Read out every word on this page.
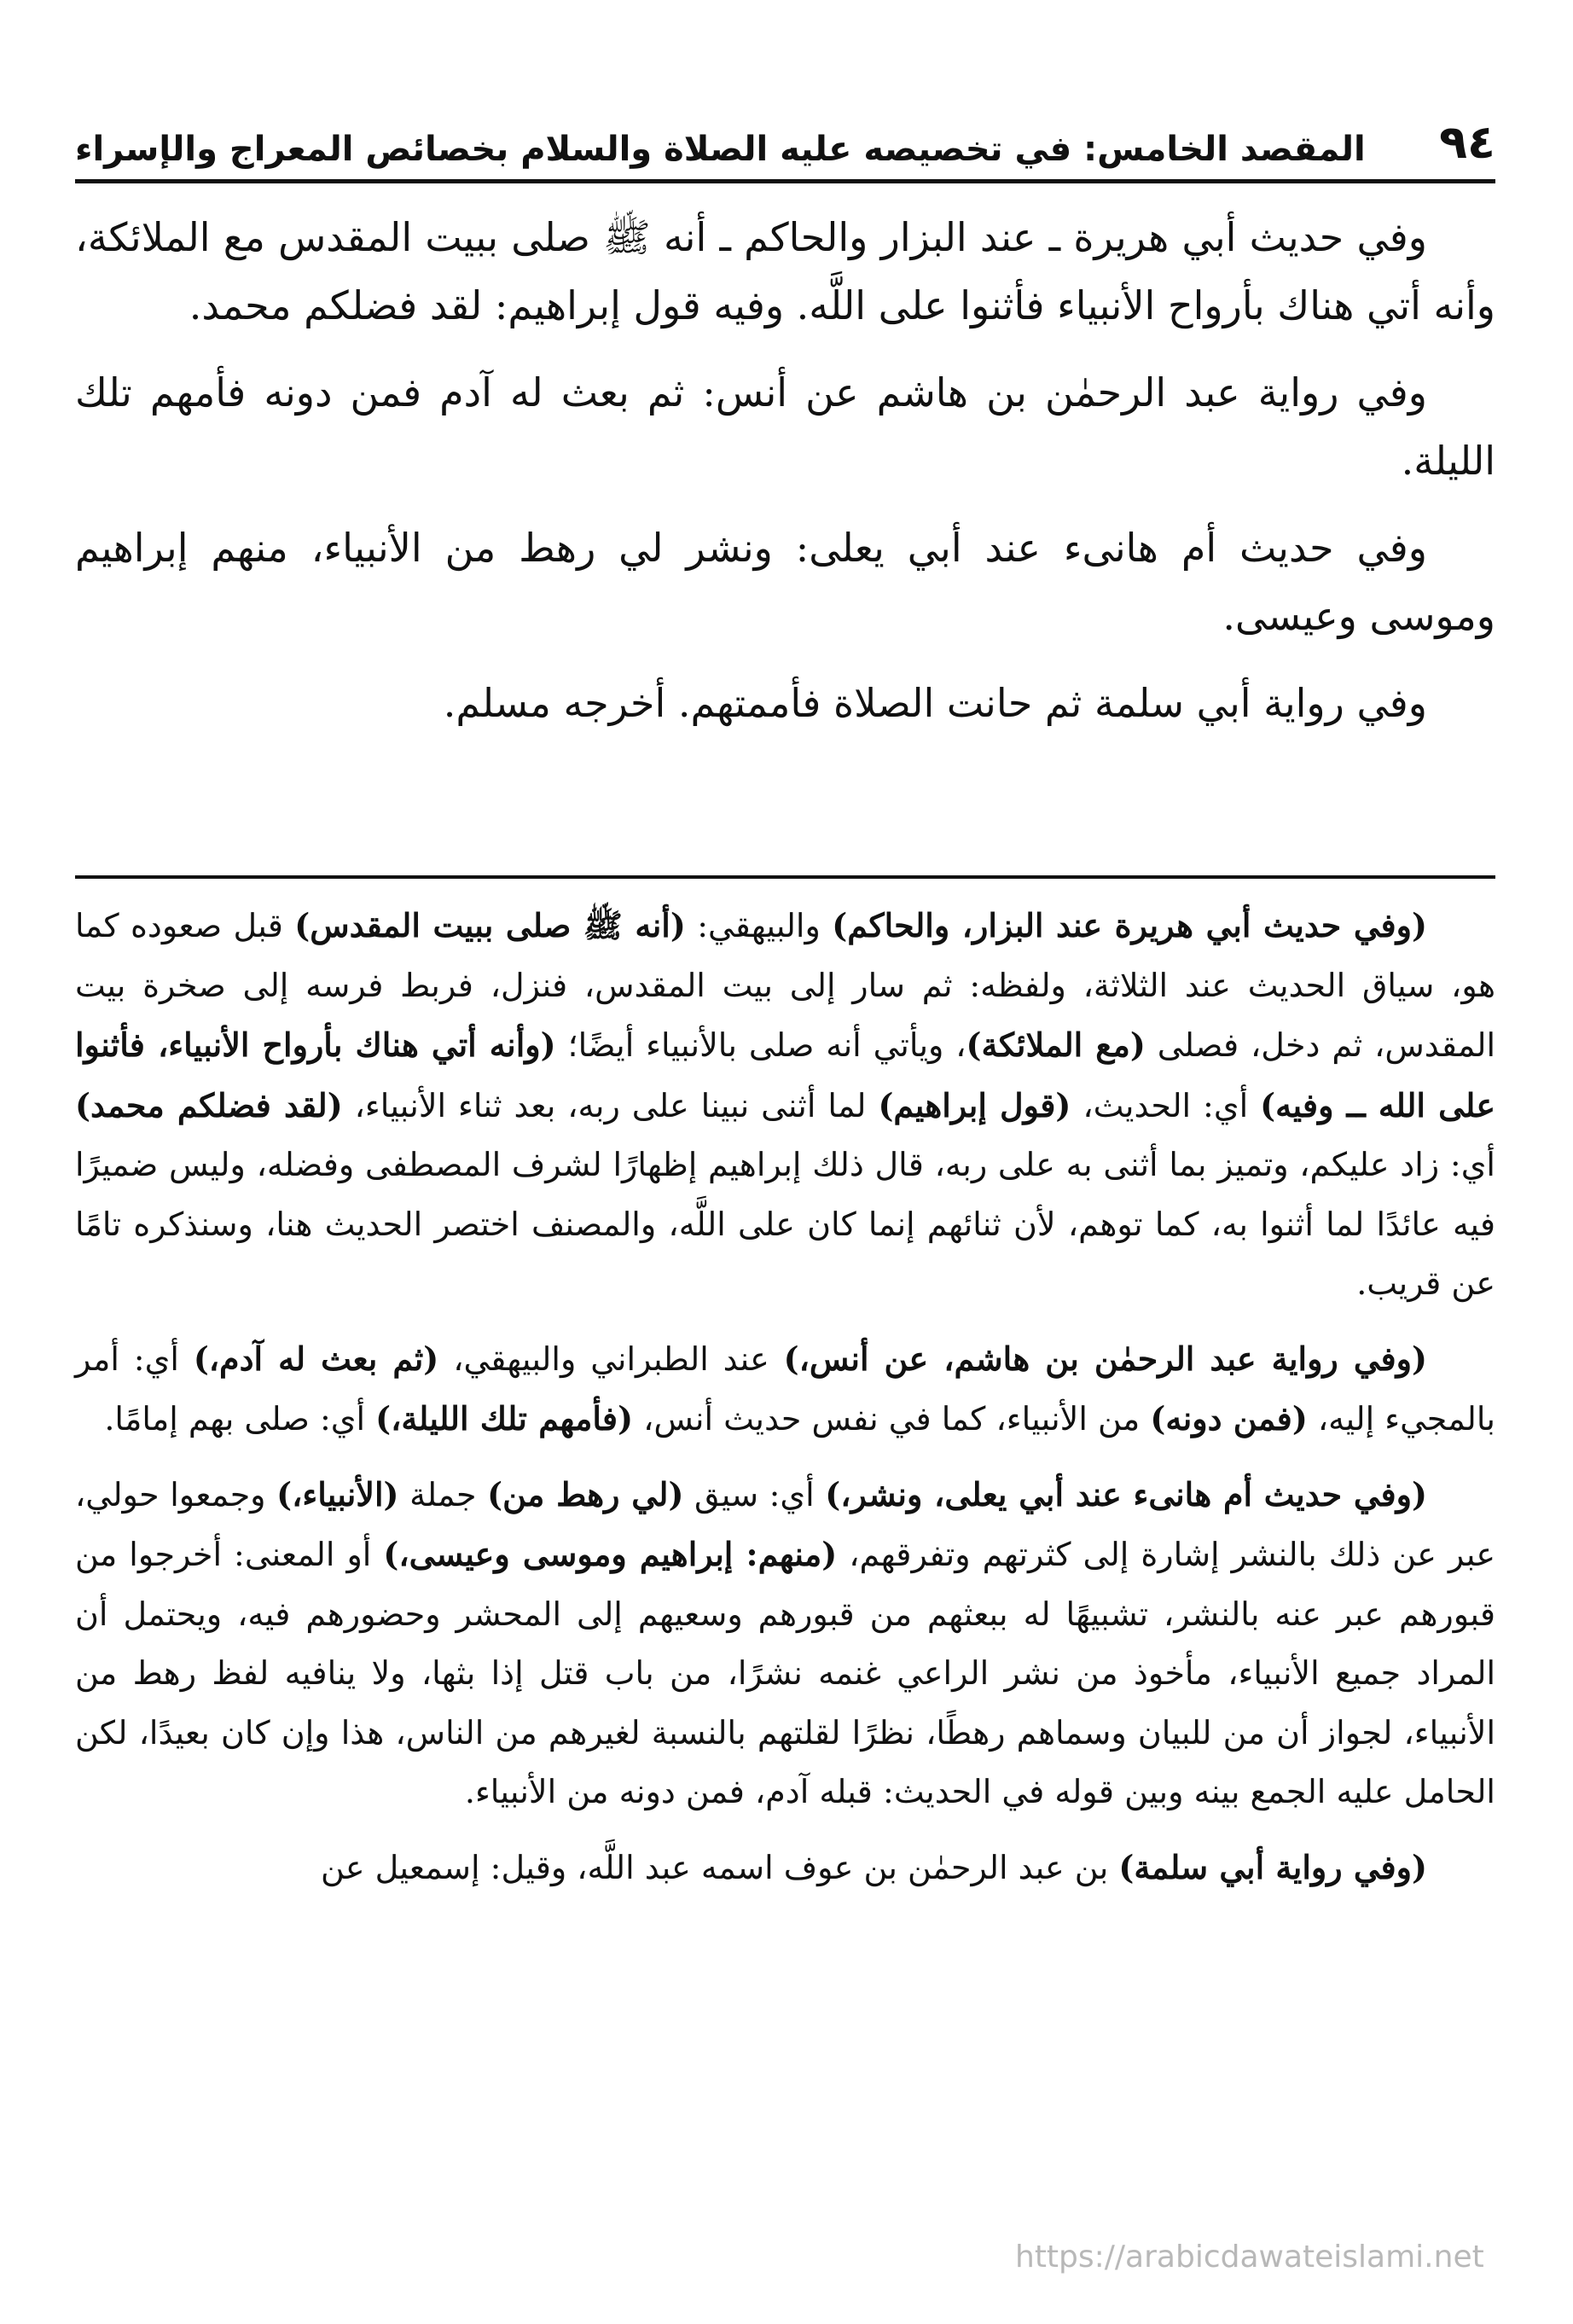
٩٤
المقصد الخامس: في تخصيصه عليه الصلاة والسلام بخصائص المعراج والإسراء

وفي حديث أبي هريرة ـ عند البزار والحاكم ـ أنه ﷺ صلى ببيت المقدس مع الملائكة، وأنه أتي هناك بأرواح الأنبياء فأثنوا على اللَّه. وفيه قول إبراهيم: لقد فضلكم محمد.

وفي رواية عبد الرحمٰن بن هاشم عن أنس: ثم بعث له آدم فمن دونه فأمهم تلك الليلة.

وفي حديث أم هانىء عند أبي يعلى: ونشر لي رهط من الأنبياء، منهم إبراهيم وموسى وعيسى.

وفي رواية أبي سلمة ثم حانت الصلاة فأممتهم. أخرجه مسلم.

(وفي حديث أبي هريرة عند البزار، والحاكم) والبيهقي: (أنه ﷺ صلى ببيت المقدس) قبل صعوده كما هو، سياق الحديث عند الثلاثة، ولفظه: ثم سار إلى بيت المقدس، فنزل، فربط فرسه إلى صخرة بيت المقدس، ثم دخل، فصلى (مع الملائكة)، ويأتي أنه صلى بالأنبياء أيضًا؛ (وأنه أتي هناك بأرواح الأنبياء، فأثنوا على الله ــ وفيه) أي: الحديث، (قول إبراهيم) لما أثنى نبينا على ربه، بعد ثناء الأنبياء، (لقد فضلكم محمد) أي: زاد عليكم، وتميز بما أثنى به على ربه، قال ذلك إبراهيم إظهارًا لشرف المصطفى وفضله، وليس ضميرًا فيه عائدًا لما أثنوا به، كما توهم، لأن ثنائهم إنما كان على اللَّه، والمصنف اختصر الحديث هنا، وسنذكره تامًا عن قريب.

(وفي رواية عبد الرحمٰن بن هاشم، عن أنس،) عند الطبراني والبيهقي، (ثم بعث له آدم،) أي: أمر بالمجيء إليه، (فمن دونه) من الأنبياء، كما في نفس حديث أنس، (فأمهم تلك الليلة،) أي: صلى بهم إمامًا.

(وفي حديث أم هانىء عند أبي يعلى، ونشر،) أي: سيق (لي رهط من) جملة (الأنبياء،) وجمعوا حولي، عبر عن ذلك بالنشر إشارة إلى كثرتهم وتفرقهم، (منهم: إبراهيم وموسى وعيسى،) أو المعنى: أخرجوا من قبورهم عبر عنه بالنشر، تشبيهًا له ببعثهم من قبورهم وسعيهم إلى المحشر وحضورهم فيه، ويحتمل أن المراد جميع الأنبياء، مأخوذ من نشر الراعي غنمه نشرًا، من باب قتل إذا بثها، ولا ينافيه لفظ رهط من الأنبياء، لجواز أن من للبيان وسماهم رهطًا، نظرًا لقلتهم بالنسبة لغيرهم من الناس، هذا وإن كان بعيدًا، لكن الحامل عليه الجمع بينه وبين قوله في الحديث: قبله آدم، فمن دونه من الأنبياء.

(وفي رواية أبي سلمة) بن عبد الرحمٰن بن عوف اسمه عبد اللَّه، وقيل: إسمعيل عن

https://arabicdawateislami.net
